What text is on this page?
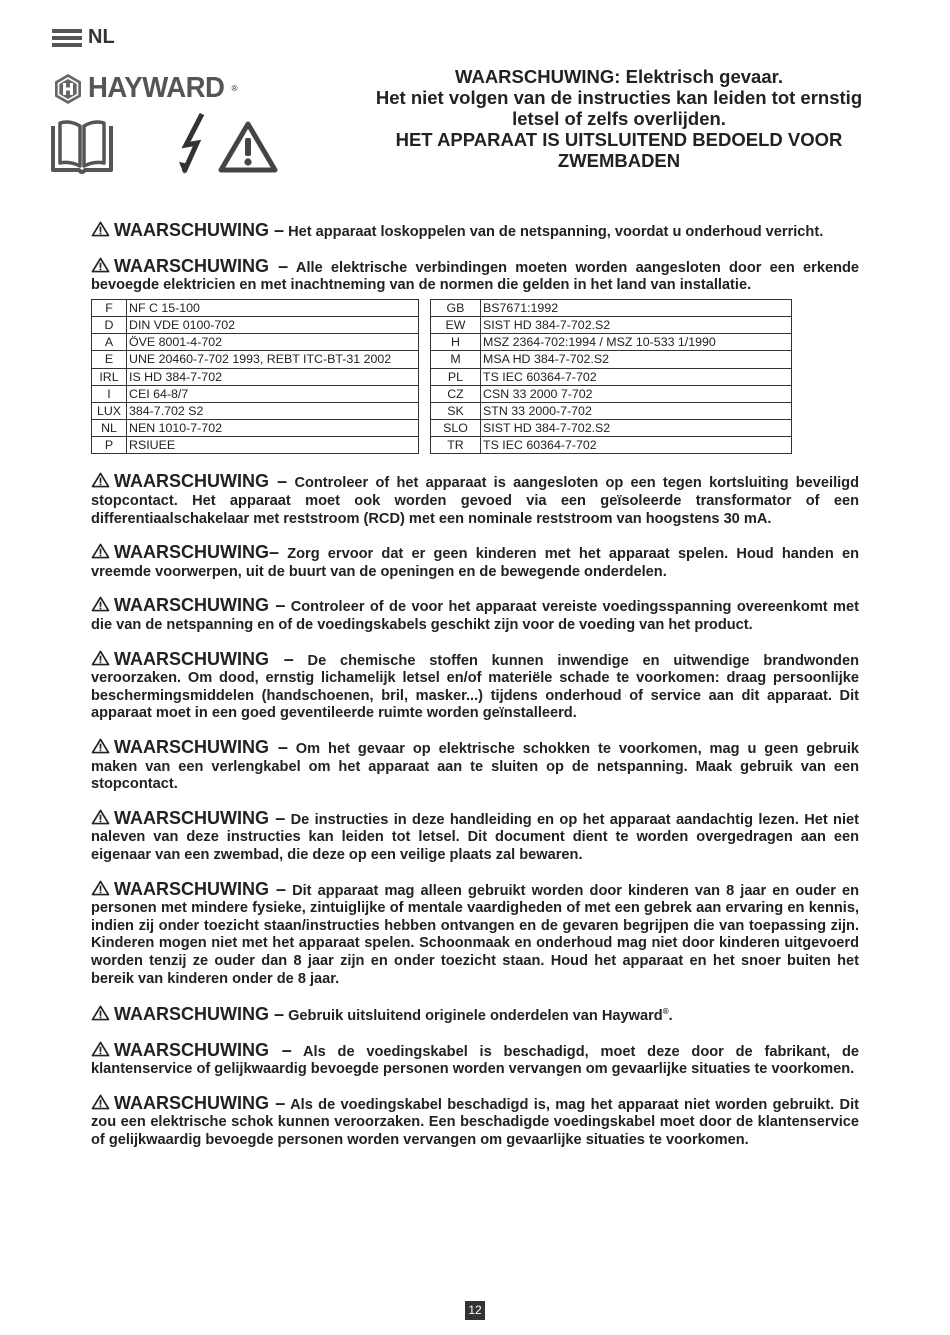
NL
HAYWARD ®
WAARSCHUWING: Elektrisch gevaar.
Het niet volgen van de instructies kan leiden tot ernstig
letsel of zelfs overlijden.
HET APPARAAT IS UITSLUITEND BEDOELD VOOR
ZWEMBADEN

WAARSCHUWING – Het apparaat loskoppelen van de netspanning, voordat u onderhoud verricht.

WAARSCHUWING – Alle elektrische verbindingen moeten worden aangesloten door een erkende bevoegde elektricien en met inachtneming van de normen die gelden in het land van installatie.

F	NF C 15-100		GB	BS7671:1992
D	DIN VDE 0100-702		EW	SIST HD 384-7-702.S2
A	ÖVE 8001-4-702		H	MSZ 2364-702:1994 / MSZ 10-533 1/1990
E	UNE 20460-7-702 1993, REBT ITC-BT-31 2002		M	MSA HD 384-7-702.S2
IRL	IS HD 384-7-702		PL	TS IEC 60364-7-702
I	CEI 64-8/7		CZ	CSN 33 2000 7-702
LUX	384-7.702 S2		SK	STN 33 2000-7-702
NL	NEN 1010-7-702		SLO	SIST HD 384-7-702.S2
P	RSIUEE		TR	TS IEC 60364-7-702

WAARSCHUWING – Controleer of het apparaat is aangesloten op een tegen kortsluiting beveiligd stopcontact. Het apparaat moet ook worden gevoed via een geïsoleerde transformator of een differentiaalschakelaar met reststroom (RCD) met een nominale reststroom van hoogstens 30 mA.

WAARSCHUWING– Zorg ervoor dat er geen kinderen met het apparaat spelen. Houd handen en vreemde voorwerpen, uit de buurt van de openingen en de bewegende onderdelen.

WAARSCHUWING – Controleer of de voor het apparaat vereiste voedingsspanning overeenkomt met die van de netspanning en of de voedingskabels geschikt zijn voor de voeding van het product.

WAARSCHUWING – De chemische stoffen kunnen inwendige en uitwendige brandwonden veroorzaken. Om dood, ernstig lichamelijk letsel en/of materiële schade te voorkomen: draag persoonlijke beschermingsmiddelen (handschoenen, bril, masker...) tijdens onderhoud of service aan dit apparaat. Dit apparaat moet in een goed geventileerde ruimte worden geïnstalleerd.

WAARSCHUWING – Om het gevaar op elektrische schokken te voorkomen, mag u geen gebruik maken van een verlengkabel om het apparaat aan te sluiten op de netspanning. Maak gebruik van een stopcontact.

WAARSCHUWING – De instructies in deze handleiding en op het apparaat aandachtig lezen. Het niet naleven van deze instructies kan leiden tot letsel. Dit document dient te worden overgedragen aan een eigenaar van een zwembad, die deze op een veilige plaats zal bewaren.

WAARSCHUWING – Dit apparaat mag alleen gebruikt worden door kinderen van 8 jaar en ouder en personen met mindere fysieke, zintuiglijke of mentale vaardigheden of met een gebrek aan ervaring en kennis, indien zij onder toezicht staan/instructies hebben ontvangen en de gevaren begrijpen die van toepassing zijn. Kinderen mogen niet met het apparaat spelen. Schoonmaak en onderhoud mag niet door kinderen uitgevoerd worden tenzij ze ouder dan 8 jaar zijn en onder toezicht staan. Houd het apparaat en het snoer buiten het bereik van kinderen onder de 8 jaar.

WAARSCHUWING – Gebruik uitsluitend originele onderdelen van Hayward®.

WAARSCHUWING – Als de voedingskabel is beschadigd, moet deze door de fabrikant, de klantenservice of gelijkwaardig bevoegde personen worden vervangen om gevaarlijke situaties te voorkomen.

WAARSCHUWING – Als de voedingskabel beschadigd is, mag het apparaat niet worden gebruikt. Dit zou een elektrische schok kunnen veroorzaken. Een beschadigde voedingskabel moet door de klantenservice of gelijkwaardig bevoegde personen worden vervangen om gevaarlijke situaties te voorkomen.

12
